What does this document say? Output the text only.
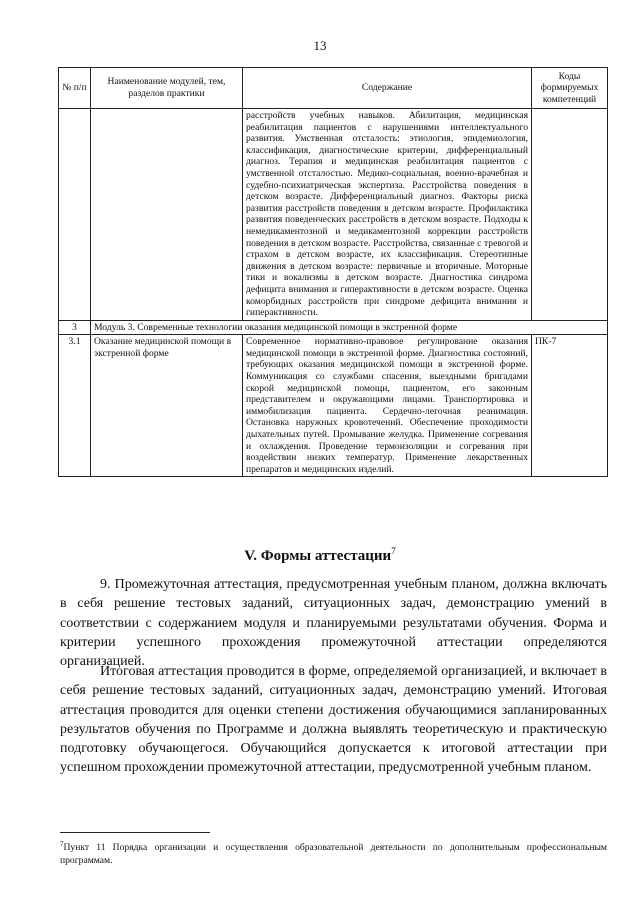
13
№ п/п	Наименование модулей, тем, разделов практики	Содержание	Коды формируемых компетенций
		расстройств учебных навыков. Абилитация, медицинская реабилитация пациентов с нарушениями интеллектуального развития. Умственная отсталость: этиология, эпидемиология, классификация, диагностические критерии, дифференциальный диагноз. Терапия и медицинская реабилитация пациентов с умственной отсталостью. Медико-социальная, военно-врачебная и судебно-психиатрическая экспертиза. Расстройства поведения в детском возрасте. Дифференциальный диагноз. Факторы риска развития расстройств поведения в детском возрасте. Профилактика развития поведенческих расстройств в детском возрасте. Подходы к немедикаментозной и медикаментозной коррекции расстройств поведения в детском возрасте. Расстройства, связанные с тревогой и страхом в детском возрасте, их классификация. Стереотипные движения в детском возрасте: первичные и вторичные. Моторные тики и вокализмы в детском возрасте. Диагностика синдрома дефицита внимания и гиперактивности в детском возрасте. Оценка коморбидных расстройств при синдроме дефицита внимания и гиперактивности.	
3	Модуль 3. Современные технологии оказания медицинской помощи в экстренной форме		
3.1	Оказание медицинской помощи в экстренной форме	Современное нормативно-правовое регулирование оказания медицинской помощи в экстренной форме. Диагностика состояний, требующих оказания медицинской помощи в экстренной форме. Коммуникация со службами спасения, выездными бригадами скорой медицинской помощи, пациентом, его законным представителем и окружающими лицами. Транспортировка и иммобилизация пациента. Сердечно-легочная реанимация. Остановка наружных кровотечений. Обеспечение проходимости дыхательных путей. Промывание желудка. Применение согревания и охлаждения. Проведение термоизоляции и согревания при воздействии низких температур. Применение лекарственных препаратов и медицинских изделий.	ПК-7
V. Формы аттестации$^7$

9. Промежуточная аттестация, предусмотренная учебным планом, должна включать в себя решение тестовых заданий, ситуационных задач, демонстрацию умений в соответствии с содержанием модуля и планируемыми результатами обучения. Форма и критерии успешного прохождения промежуточной аттестации определяются организацией.

Итоговая аттестация проводится в форме, определяемой организацией, и включает в себя решение тестовых заданий, ситуационных задач, демонстрацию умений. Итоговая аттестация проводится для оценки степени достижения обучающимися запланированных результатов обучения по Программе и должна выявлять теоретическую и практическую подготовку обучающегося. Обучающийся допускается к итоговой аттестации при успешном прохождении промежуточной аттестации, предусмотренной учебным планом.

$^7$Пункт 11 Порядка организации и осуществления образовательной деятельности по дополнительным профессиональным программам.
